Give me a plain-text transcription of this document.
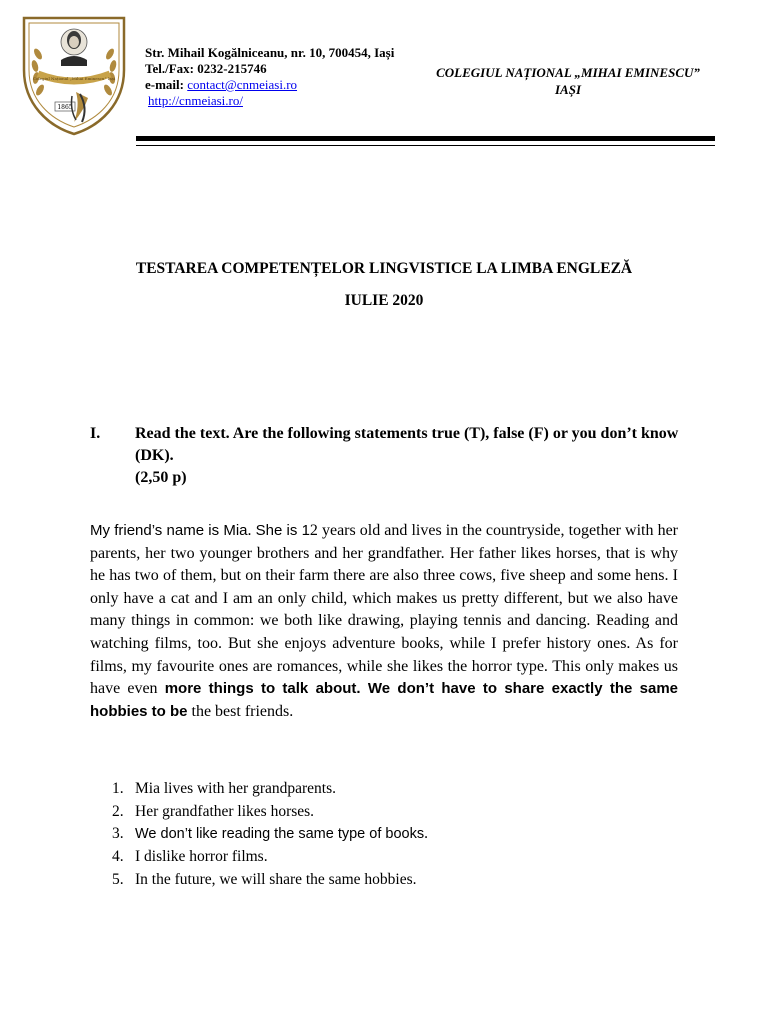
Colegiul Național „Mihai Eminescu” Iași
1865
Str. Mihail Kogălniceanu, nr. 10, 700454, Iași
Tel./Fax: 0232-215746
e-mail: contact@cnmeiasi.ro
http://cnmeiasi.ro/
COLEGIUL NAȚIONAL „MIHAI EMINESCU”
IAȘI
TESTAREA COMPETENȚELOR LINGVISTICE LA LIMBA ENGLEZĂ
IULIE 2020
I. Read the text. Are the following statements true (T), false (F) or you don’t know (DK).
(2,50 p)
My friend’s name is Mia. She is 12 years old and lives in the countryside, together with her parents, her two younger brothers and her grandfather. Her father likes horses, that is why he has two of them, but on their farm there are also three cows, five sheep and some hens. I only have a cat and I am an only child, which makes us pretty different, but we also have many things in common: we both like drawing, playing tennis and dancing. Reading and watching films, too. But she enjoys adventure books, while I prefer history ones. As for films, my favourite ones are romances, while she likes the horror type. This only makes us have even more things to talk about. We don’t have to share exactly the same hobbies to be the best friends.
1. Mia lives with her grandparents.
2. Her grandfather likes horses.
3. We don’t like reading the same type of books.
4. I dislike horror films.
5. In the future, we will share the same hobbies.
